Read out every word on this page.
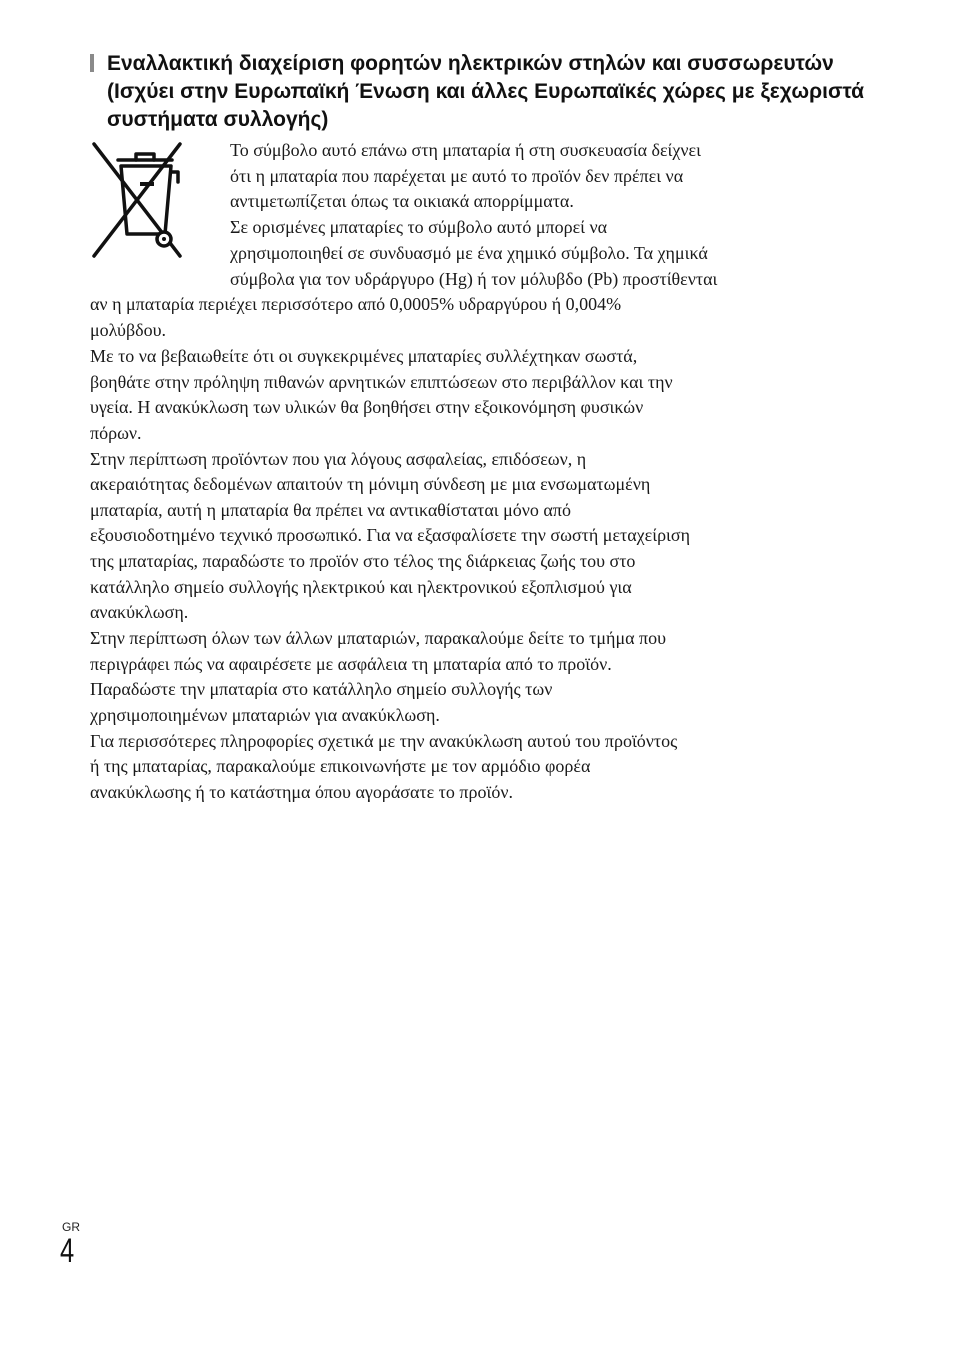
Εναλλακτική διαχείριση φορητών ηλεκτρικών στηλών και συσσωρευτών (Ισχύει στην Ευρωπαϊκή Ένωση και άλλες Ευρωπαϊκές χώρες με ξεχωριστά συστήματα συλλογής)
Το σύμβολο αυτό επάνω στη μπαταρία ή στη συσκευασία δείχνει
ότι η μπαταρία που παρέχεται με αυτό το προϊόν δεν πρέπει να
αντιμετωπίζεται όπως τα οικιακά απορρίμματα.
Σε ορισμένες μπαταρίες το σύμβολο αυτό μπορεί να
χρησιμοποιηθεί σε συνδυασμό με ένα χημικό σύμβολο. Τα χημικά
σύμβολα για τον υδράργυρο (Hg) ή τον μόλυβδο (Pb) προστίθενται
αν η μπαταρία περιέχει περισσότερο από 0,0005% υδραργύρου ή 0,004%
μολύβδου.
Με το να βεβαιωθείτε ότι οι συγκεκριμένες μπαταρίες συλλέχτηκαν σωστά,
βοηθάτε στην πρόληψη πιθανών αρνητικών επιπτώσεων στο περιβάλλον και την
υγεία. Η ανακύκλωση των υλικών θα βοηθήσει στην εξοικονόμηση φυσικών
πόρων.
Στην περίπτωση προϊόντων που για λόγους ασφαλείας, επιδόσεων, η
ακεραιότητας δεδομένων απαιτούν τη μόνιμη σύνδεση με μια ενσωματωμένη
μπαταρία, αυτή η μπαταρία θα πρέπει να αντικαθίσταται μόνο από
εξουσιοδοτημένο τεχνικό προσωπικό. Για να εξασφαλίσετε την σωστή μεταχείριση
της μπαταρίας, παραδώστε το προϊόν στο τέλος της διάρκειας ζωής του στο
κατάλληλο σημείο συλλογής ηλεκτρικού και ηλεκτρονικού εξοπλισμού για
ανακύκλωση.
Στην περίπτωση όλων των άλλων μπαταριών, παρακαλούμε δείτε το τμήμα που
περιγράφει πώς να αφαιρέσετε με ασφάλεια τη μπαταρία από το προϊόν.
Παραδώστε την μπαταρία στο κατάλληλο σημείο συλλογής των
χρησιμοποιημένων μπαταριών για ανακύκλωση.
Για περισσότερες πληροφορίες σχετικά με την ανακύκλωση αυτού του προϊόντος
ή της μπαταρίας, παρακαλούμε επικοινωνήστε με τον αρμόδιο φορέα
ανακύκλωσης ή το κατάστημα όπου αγοράσατε το προϊόν.
GR
4
